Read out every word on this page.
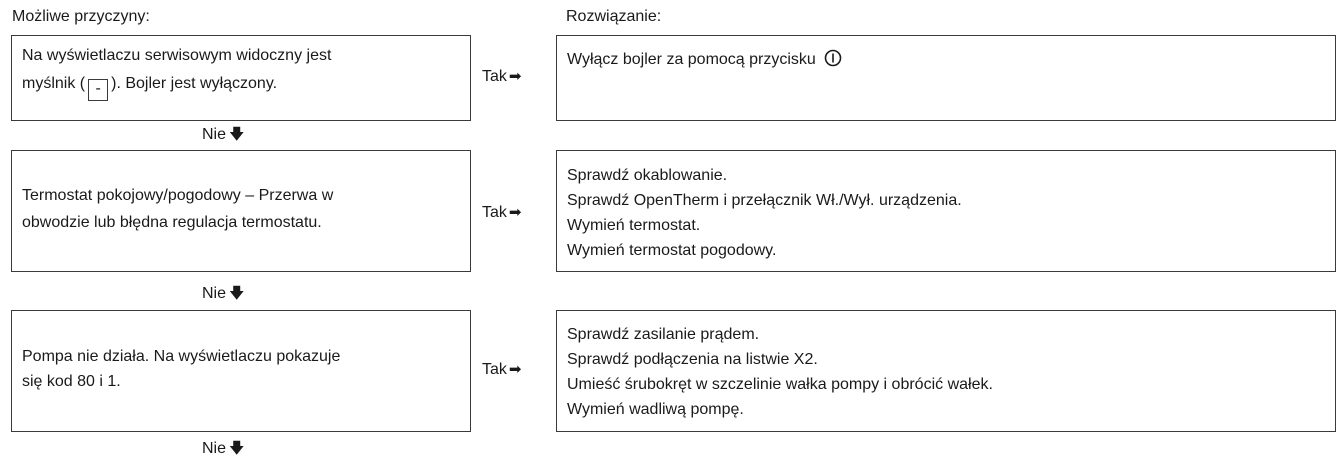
Możliwe przyczyny:	Rozwiązanie:
Na wyświetlaczu serwisowym widoczny jest
myślnik ( - ). Bojler jest wyłączony.	Tak ➡
Wyłącz bojler za pomocą przycisku
Nie 🡇
Termostat pokojowy/pogodowy – Przerwa w
obwodzie lub błędna regulacja termostatu.
Tak ➡
Sprawdź okablowanie.
Sprawdź OpenTherm i przełącznik Wł./Wył. urządzenia.
Wymień termostat.
Wymień termostat pogodowy.
Nie 🡇
Pompa nie działa. Na wyświetlaczu pokazuje
się kod 80 i 1.
Tak ➡
Sprawdź zasilanie prądem.
Sprawdź podłączenia na listwie X2.
Umieść śrubokręt w szczelinie wałka pompy i obrócić wałek.
Wymień wadliwą pompę.
Nie 🡇
